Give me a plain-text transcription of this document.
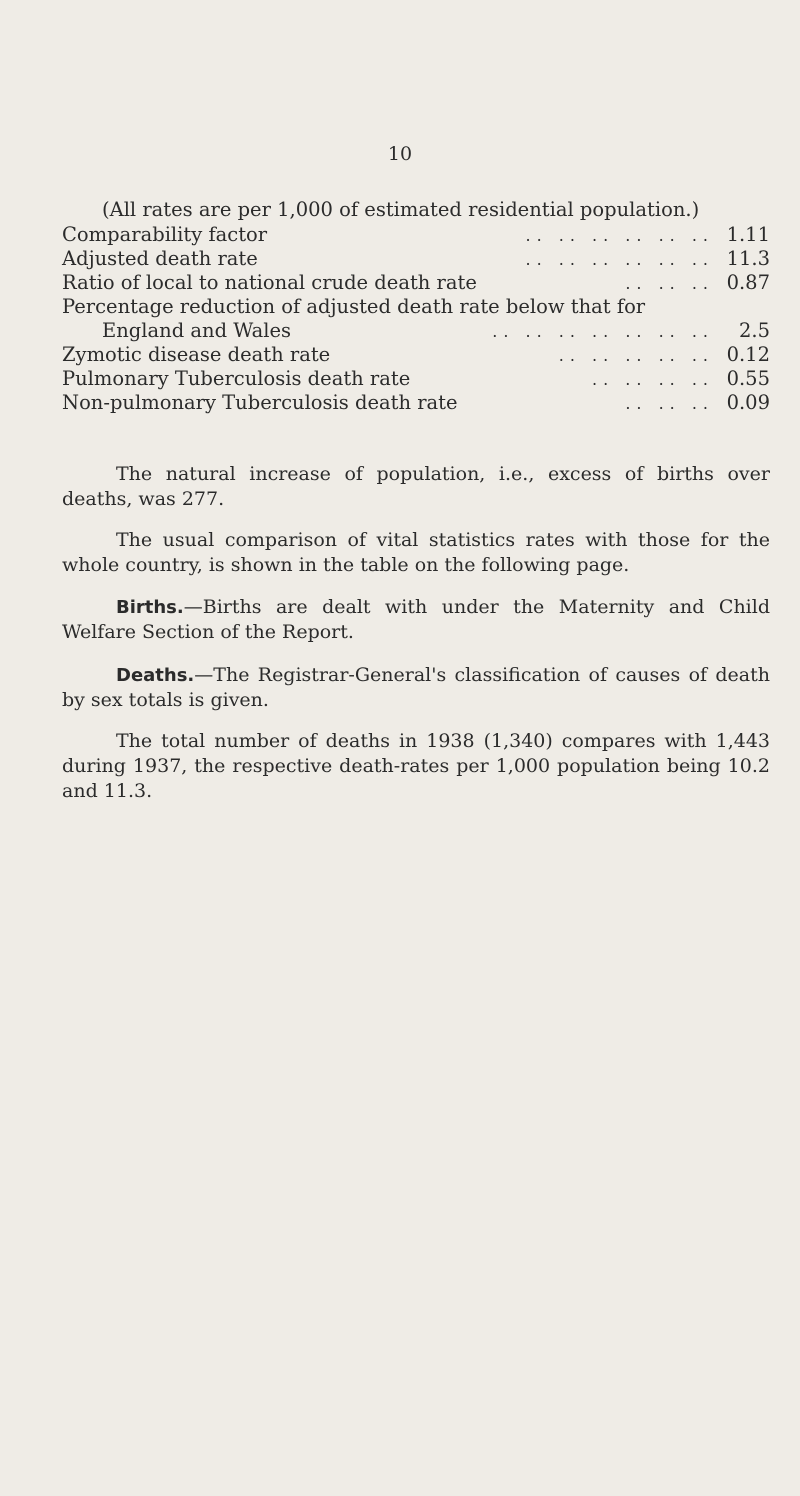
10
(All rates are per 1,000 of estimated residential population.)
Comparability factor	.. .. .. .. .. .. 1.11
Adjusted death rate	.. .. .. .. .. .. 11.3
Ratio of local to national crude death rate	.. .. .. 0.87
Percentage reduction of adjusted death rate below that for
England and Wales	.. .. .. .. .. .. ..	2.5
Zymotic disease death rate	.. .. .. .. .. 0.12
Pulmonary Tuberculosis death rate	.. .. .. .. 0.55
Non-pulmonary Tuberculosis death rate	.. .. .. 0.09
The natural increase of population, i.e., excess of births over deaths, was 277.
The usual comparison of vital statistics rates with those for the whole country, is shown in the table on the following page.
Births.—Births are dealt with under the Maternity and Child Welfare Section of the Report.
Deaths.—The Registrar-General's classification of causes of death by sex totals is given.
The total number of deaths in 1938 (1,340) compares with 1,443 during 1937, the respective death-rates per 1,000 population being 10.2 and 11.3.
